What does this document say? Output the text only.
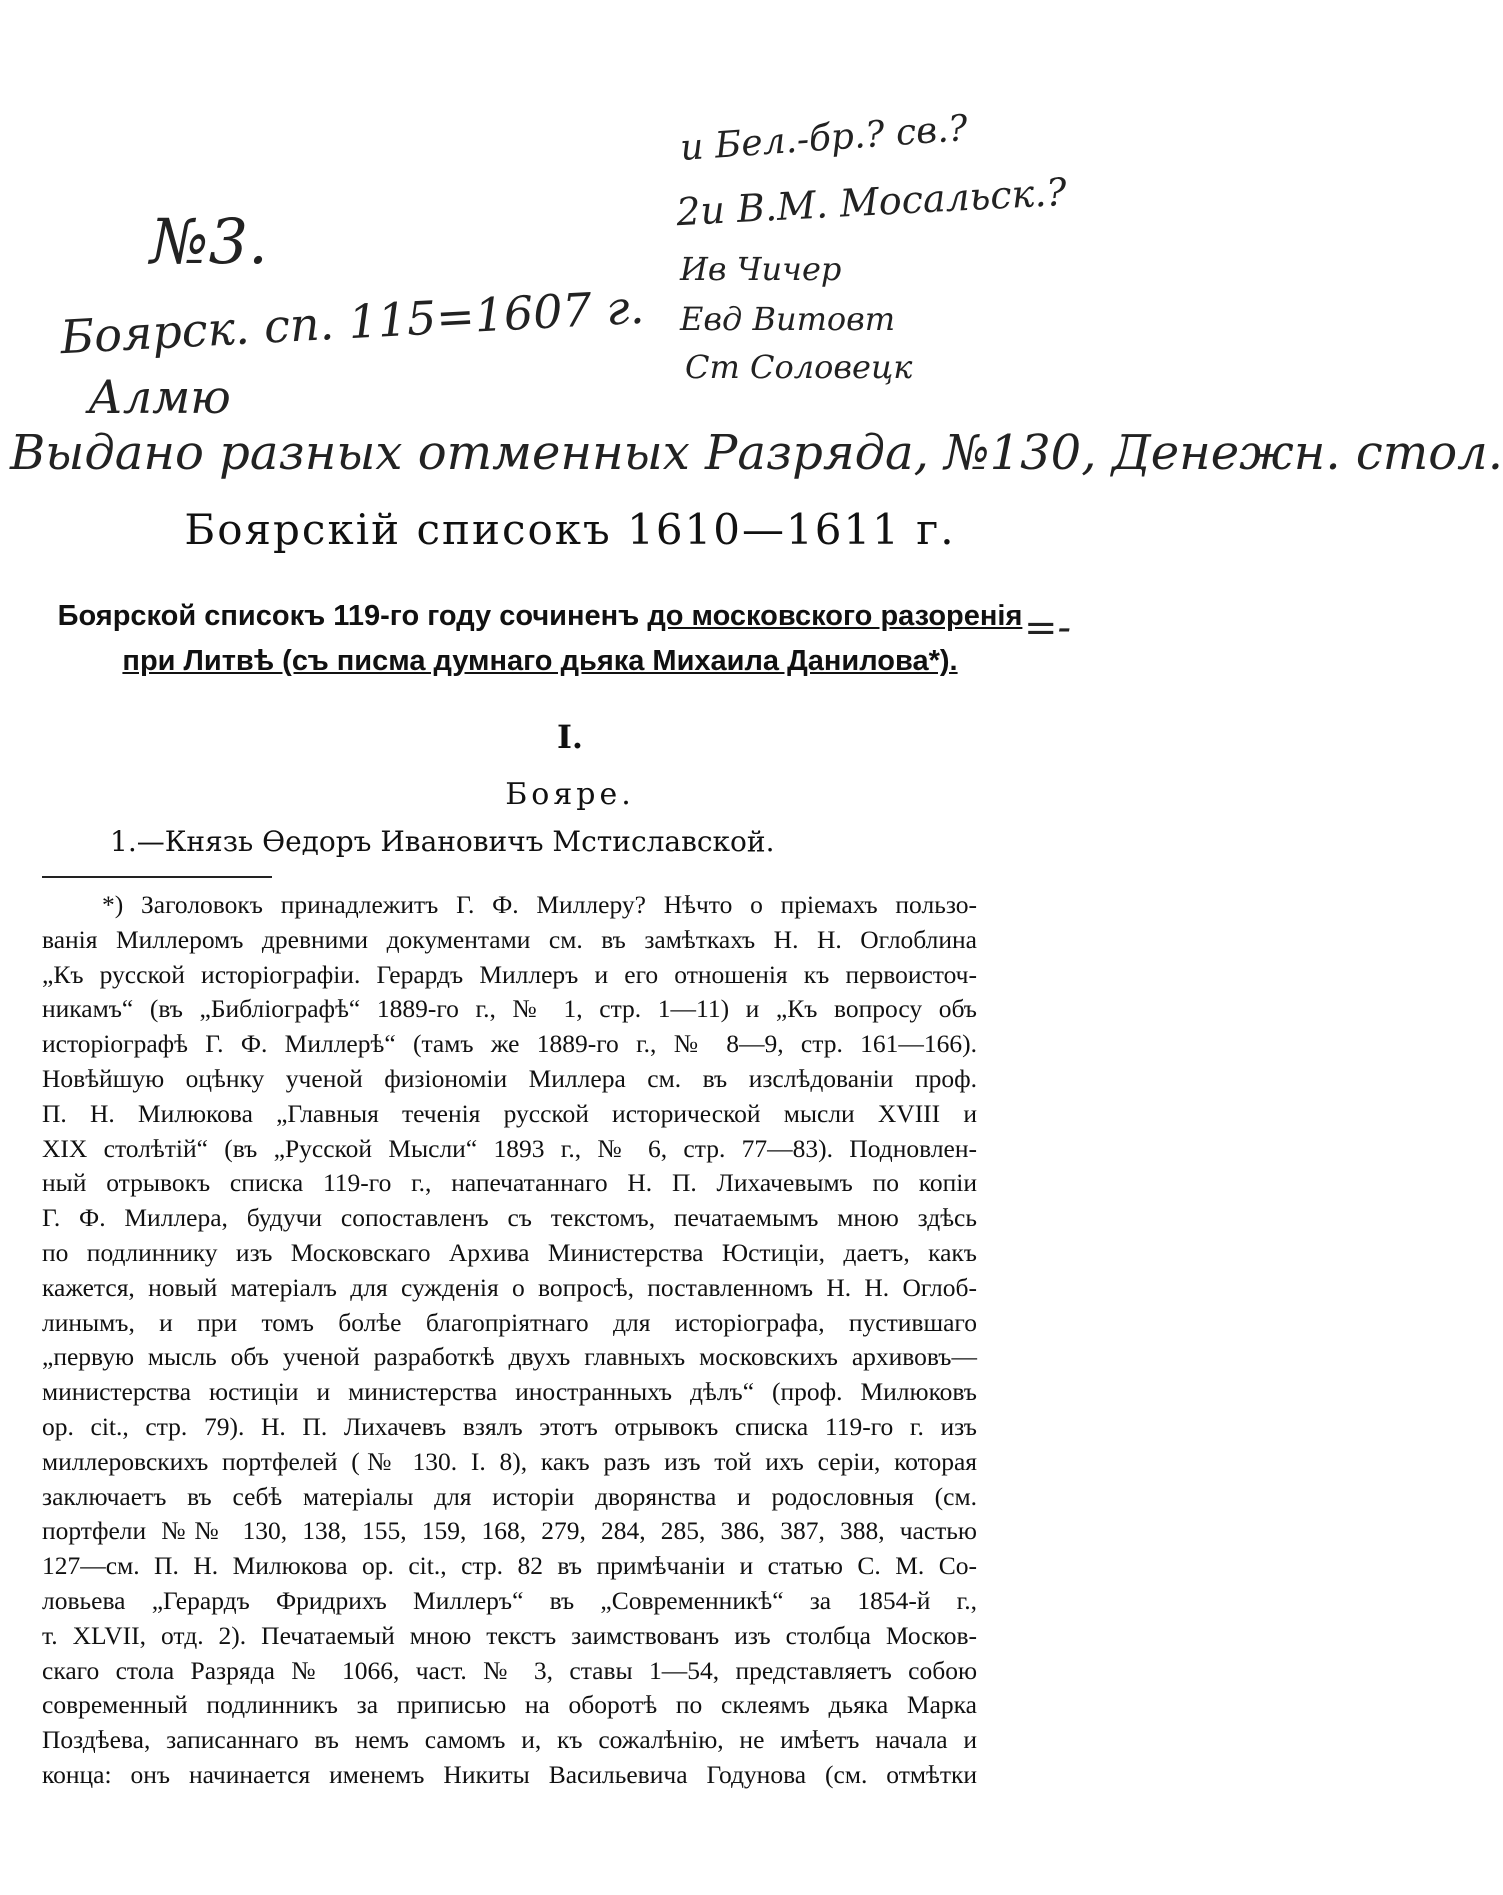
№3.
Боярск. сп. 115=1607 г.
Алмю
Выдано разных отменных Разряда, №130, Денежн. стол.
и Бел.-бр.? св.?
2и В.М. Мосальск.?
Ив Чичер
Евд Витовт
Ст Соловецк
=-
Боярскій списокъ 1610—1611 г.
Боярской списокъ 119-го году сочиненъ до московского разоренія
при Литвѣ (съ писма думнаго дьяка Михаила Данилова*).
I.
Бояре.
1.—Князь Ѳедоръ Ивановичъ Мстиславской.
*) Заголовокъ принадлежитъ Г. Ф. Миллеру? Нѣчто о пріемахъ пользо-
ванія Миллеромъ древними документами см. въ замѣткахъ Н. Н. Оглоблина
„Къ русской исторіографіи. Герардъ Миллеръ и его отношенія къ первоисточ-
никамъ“ (въ „Библіографѣ“ 1889-го г., № 1, стр. 1—11) и „Къ вопросу объ
исторіографѣ Г. Ф. Миллерѣ“ (тамъ же 1889-го г., № 8—9, стр. 161—166).
Новѣйшую оцѣнку ученой физіономіи Миллера см. въ изслѣдованіи проф.
П. Н. Милюкова „Главныя теченія русской исторической мысли XVIII и
XIX столѣтій“ (въ „Русской Мысли“ 1893 г., № 6, стр. 77—83). Подновлен-
ный отрывокъ списка 119-го г., напечатаннаго Н. П. Лихачевымъ по копіи
Г. Ф. Миллера, будучи сопоставленъ съ текстомъ, печатаемымъ мною здѣсь
по подлиннику изъ Московскаго Архива Министерства Юстиціи, даетъ, какъ
кажется, новый матеріалъ для сужденія о вопросѣ, поставленномъ Н. Н. Оглоб-
линымъ, и при томъ болѣе благопріятнаго для исторіографа, пустившаго
„первую мысль объ ученой разработкѣ двухъ главныхъ московскихъ архивовъ—
министерства юстиціи и министерства иностранныхъ дѣлъ“ (проф. Милюковъ
op. cit., стр. 79). Н. П. Лихачевъ взялъ этотъ отрывокъ списка 119-го г. изъ
миллеровскихъ портфелей (№ 130. I. 8), какъ разъ изъ той ихъ серіи, которая
заключаетъ въ себѣ матеріалы для исторіи дворянства и родословныя (см.
портфели №№ 130, 138, 155, 159, 168, 279, 284, 285, 386, 387, 388, частью
127—см. П. Н. Милюкова op. cit., стр. 82 въ примѣчаніи и статью С. М. Со-
ловьева „Герардъ Фридрихъ Миллеръ“ въ „Современникѣ“ за 1854-й г.,
т. XLVII, отд. 2). Печатаемый мною текстъ заимствованъ изъ столбца Москов-
скаго стола Разряда № 1066, част. № 3, ставы 1—54, представляетъ собою
современный подлинникъ за приписью на оборотѣ по склеямъ дьяка Марка
Поздѣева, записаннаго въ немъ самомъ и, къ сожалѣнію, не имѣетъ начала и
конца: онъ начинается именемъ Никиты Васильевича Годунова (см. отмѣтки
